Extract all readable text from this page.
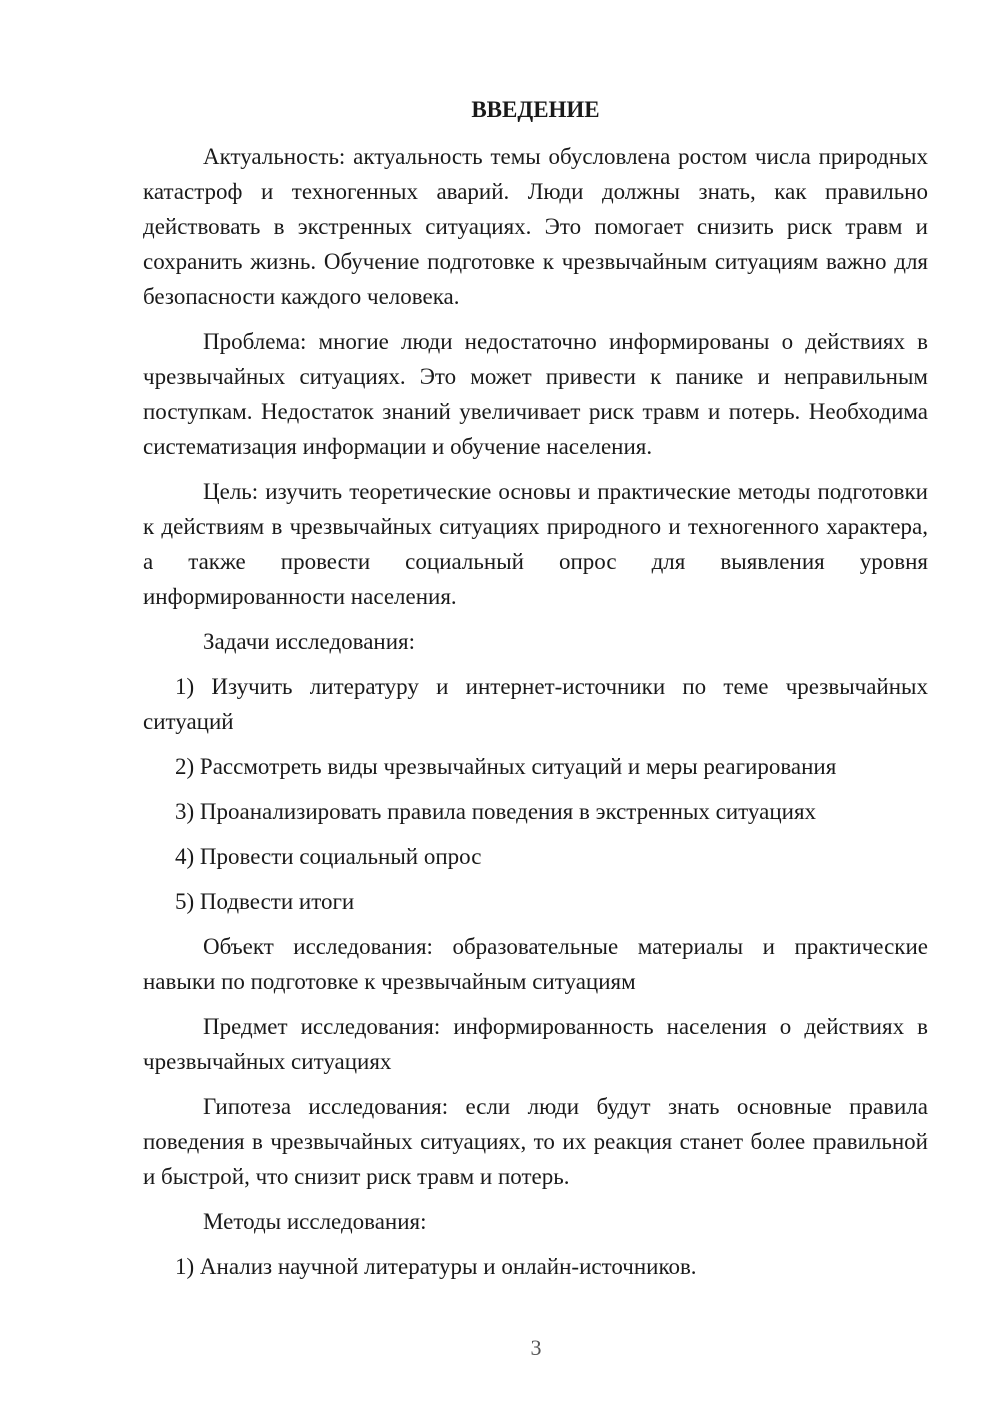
ВВЕДЕНИЕ

Актуальность: актуальность темы обусловлена ростом числа природных катастроф и техногенных аварий. Люди должны знать, как правильно действовать в экстренных ситуациях. Это помогает снизить риск травм и сохранить жизнь. Обучение подготовке к чрезвычайным ситуациям важно для безопасности каждого человека.

Проблема: многие люди недостаточно информированы о действиях в чрезвычайных ситуациях. Это может привести к панике и неправильным поступкам. Недостаток знаний увеличивает риск травм и потерь. Необходима систематизация информации и обучение населения.

Цель: изучить теоретические основы и практические методы подготовки к действиям в чрезвычайных ситуациях природного и техногенного характера, а также провести социальный опрос для выявления уровня информированности населения.

Задачи исследования:

1) Изучить литературу и интернет-источники по теме чрезвычайных ситуаций

2) Рассмотреть виды чрезвычайных ситуаций и меры реагирования

3) Проанализировать правила поведения в экстренных ситуациях

4) Провести социальный опрос

5) Подвести итоги

Объект исследования: образовательные материалы и практические навыки по подготовке к чрезвычайным ситуациям

Предмет исследования: информированность населения о действиях в чрезвычайных ситуациях

Гипотеза исследования: если люди будут знать основные правила поведения в чрезвычайных ситуациях, то их реакция станет более правильной и быстрой, что снизит риск травм и потерь.

Методы исследования:

1) Анализ научной литературы и онлайн-источников.

3
